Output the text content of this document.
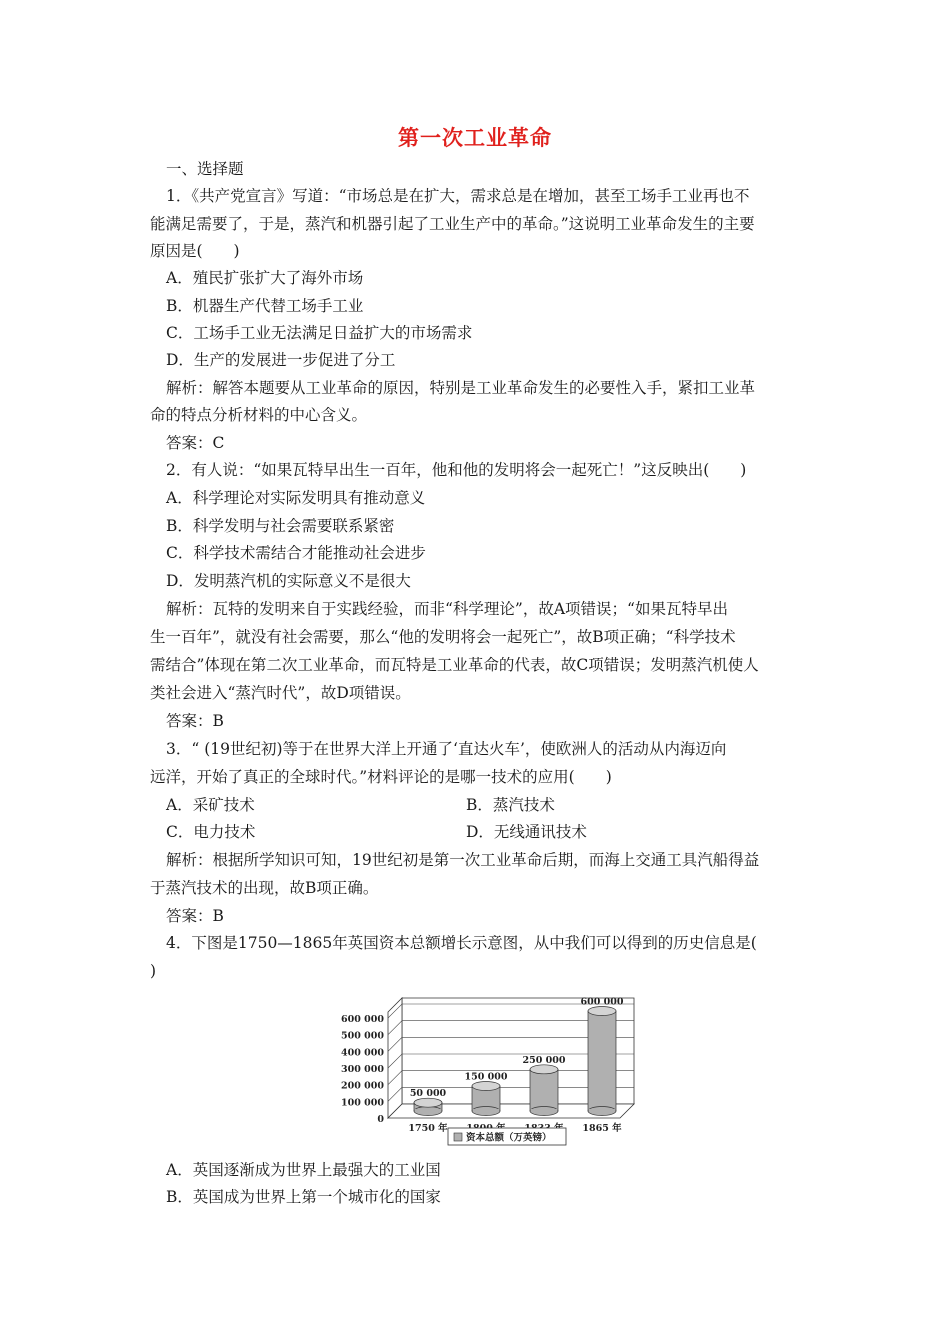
第一次工业革命
一、选择题
1．《共产党宣言》写道：“市场总是在扩大，需求总是在增加，甚至工场手工业再也不
能满足需要了，于是，蒸汽和机器引起了工业生产中的革命。”这说明工业革命发生的主要
原因是(　　)
A．殖民扩张扩大了海外市场
B．机器生产代替工场手工业
C．工场手工业无法满足日益扩大的市场需求
D．生产的发展进一步促进了分工
解析：解答本题要从工业革命的原因，特别是工业革命发生的必要性入手，紧扣工业革
命的特点分析材料的中心含义。
答案：C
2．有人说：“如果瓦特早出生一百年，他和他的发明将会一起死亡！”这反映出(　　)
A．科学理论对实际发明具有推动意义
B．科学发明与社会需要联系紧密
C．科学技术需结合才能推动社会进步
D．发明蒸汽机的实际意义不是很大
解析：瓦特的发明来自于实践经验，而非“科学理论”，故A项错误；“如果瓦特早出
生一百年”，就没有社会需要，那么“他的发明将会一起死亡”，故B项正确；“科学技术
需结合”体现在第二次工业革命，而瓦特是工业革命的代表，故C项错误；发明蒸汽机使人
类社会进入“蒸汽时代”，故D项错误。
答案：B
3．“ (19世纪初)等于在世界大洋上开通了‘直达火车’，使欧洲人的活动从内海迈向
远洋，开始了真正的全球时代。”材料评论的是哪一技术的应用(　　)
A．采矿技术	B．蒸汽技术
C．电力技术	D．无线通讯技术
解析：根据所学知识可知，19世纪初是第一次工业革命后期，而海上交通工具汽船得益
于蒸汽技术的出现，故B项正确。
答案：B
4．下图是1750—1865年英国资本总额增长示意图，从中我们可以得到的历史信息是(
)
0
100 000
200 000
300 000
400 000
500 000
600 000
50 000
1750 年
150 000
250 000
600 000
1865 年
资本总额（万英镑）
A．英国逐渐成为世界上最强大的工业国
B．英国成为世界上第一个城市化的国家
